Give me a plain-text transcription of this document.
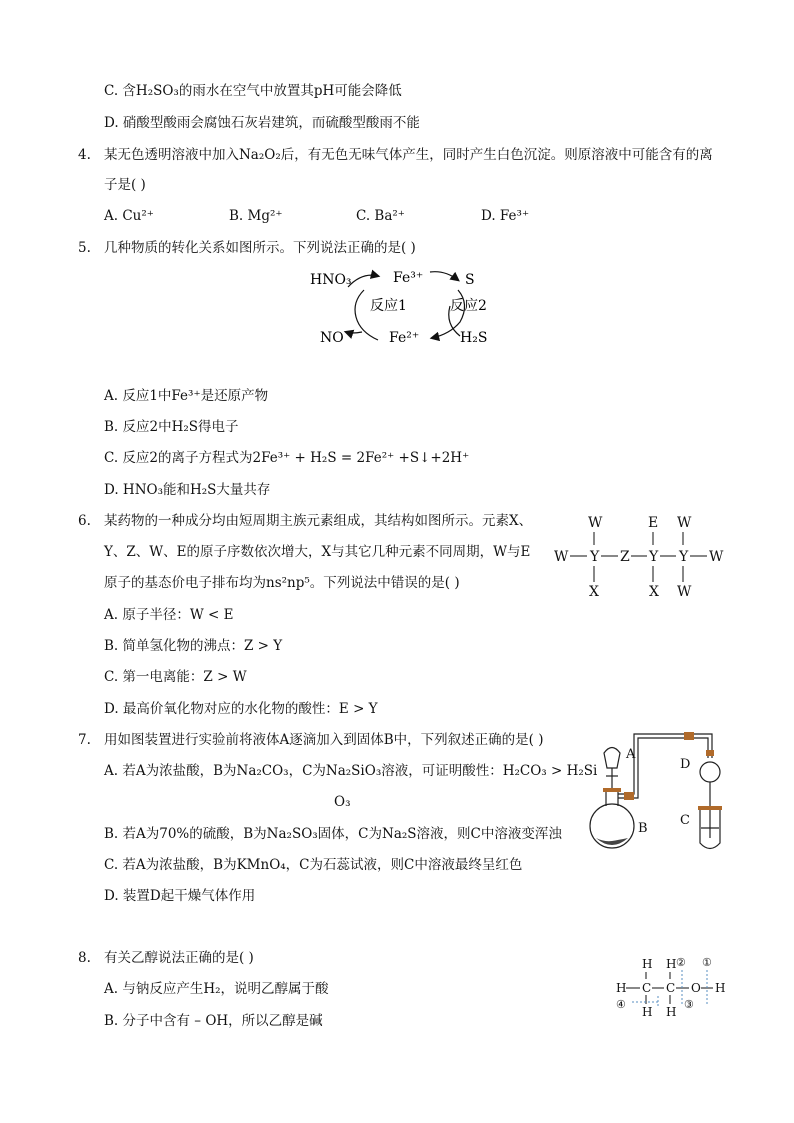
C. 含H₂SO₃的雨水在空气中放置其pH可能会降低
D. 硝酸型酸雨会腐蚀石灰岩建筑，而硫酸型酸雨不能
4. 某无色透明溶液中加入Na₂O₂后，有无色无味气体产生，同时产生白色沉淀。则原溶液中可能含有的离
子是( )
A. Cu²⁺	B. Mg²⁺	C. Ba²⁺	D. Fe³⁺
5. 几种物质的转化关系如图所示。下列说法正确的是( )
HNO₃
NO
Fe³⁺
Fe²⁺
S
H₂S
反应1	反应2
A. 反应1中Fe³⁺是还原产物
B. 反应2中H₂S得电子
C. 反应2的离子方程式为2Fe³⁺ + H₂S = 2Fe²⁺ +S↓+2H⁺
D. HNO₃能和H₂S大量共存
6. 某药物的一种成分均由短周期主族元素组成，其结构如图所示。元素X、
Y、Z、W、E的原子序数依次增大，X与其它几种元素不同周期，W与E
原子的基态价电子排布均为ns²np⁵。下列说法中错误的是( )
W	E W
W Y Z Y Y W
X	X W
A. 原子半径：W < E
B. 简单氢化物的沸点：Z > Y
C. 第一电离能：Z > W
D. 最高价氧化物对应的水化物的酸性：E > Y
7. 用如图装置进行实验前将液体A逐滴加入到固体B中，下列叙述正确的是( )
A. 若A为浓盐酸，B为Na₂CO₃，C为Na₂SiO₃溶液，可证明酸性：H₂CO₃ > H₂Si
O₃
B. 若A为70%的硫酸，B为Na₂SO₃固体，C为Na₂S溶液，则C中溶液变浑浊
C. 若A为浓盐酸，B为KMnO₄，C为石蕊试液，则C中溶液最终呈红色
D. 装置D起干燥气体作用
A
B
C
D
8. 有关乙醇说法正确的是( )
A. 与钠反应产生H₂，说明乙醇属于酸
B. 分子中含有 – OH，所以乙醇是碱
H H
H C C O H
H H
② ①
③
④
